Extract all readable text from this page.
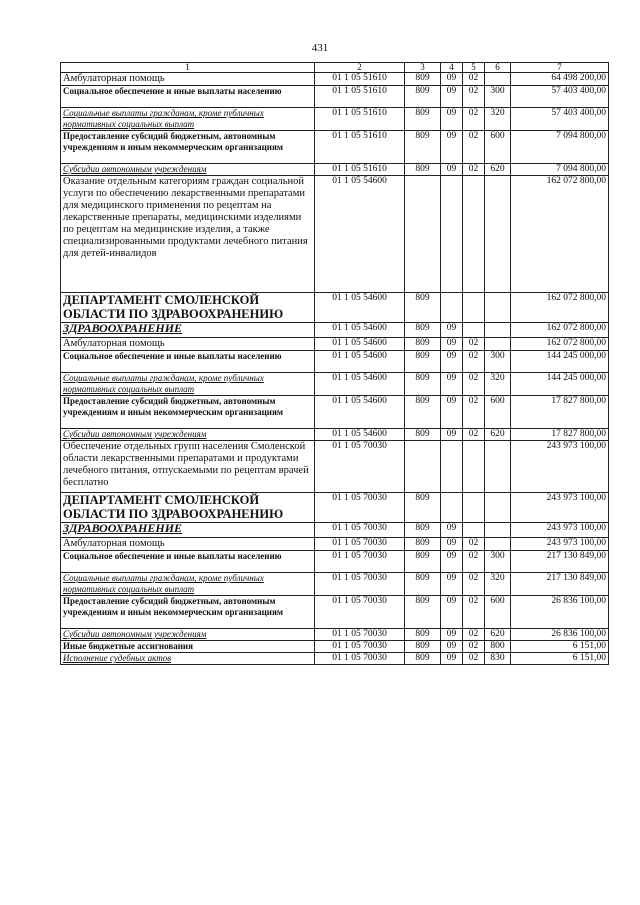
431
1	2	3	4	5	6	7
Амбулаторная помощь	01 1 05 51610	809	09	02		64 498 200,00
Социальное обеспечение и иные выплаты населению	01 1 05 51610	809	09	02	300	57 403 400,00
Социальные выплаты гражданам, кроме публичных нормативных социальных выплат	01 1 05 51610	809	09	02	320	57 403 400,00
Предоставление субсидий бюджетным, автономным учреждениям и иным некоммерческим организациям	01 1 05 51610	809	09	02	600	7 094 800,00
Субсидии автономным учреждениям	01 1 05 51610	809	09	02	620	7 094 800,00
Оказание отдельным категориям граждан социальной услуги по обеспечению лекарственными препаратами для медицинского применения по рецептам на лекарственные препараты, медицинскими изделиями по рецептам на медицинские изделия, а также специализированными продуктами лечебного питания для детей-инвалидов	01 1 05 54600					162 072 800,00
ДЕПАРТАМЕНТ СМОЛЕНСКОЙ ОБЛАСТИ ПО ЗДРАВООХРАНЕНИЮ	01 1 05 54600	809				162 072 800,00
ЗДРАВООХРАНЕНИЕ	01 1 05 54600	809	09			162 072 800,00
Амбулаторная помощь	01 1 05 54600	809	09	02		162 072 800,00
Социальное обеспечение и иные выплаты населению	01 1 05 54600	809	09	02	300	144 245 000,00
Социальные выплаты гражданам, кроме публичных нормативных социальных выплат	01 1 05 54600	809	09	02	320	144 245 000,00
Предоставление субсидий бюджетным, автономным учреждениям и иным некоммерческим организациям	01 1 05 54600	809	09	02	600	17 827 800,00
Субсидии автономным учреждениям	01 1 05 54600	809	09	02	620	17 827 800,00
Обеспечение отдельных групп населения Смоленской области лекарственными препаратами и продуктами лечебного питания, отпускаемыми по рецептам врачей бесплатно	01 1 05 70030					243 973 100,00
ДЕПАРТАМЕНТ СМОЛЕНСКОЙ ОБЛАСТИ ПО ЗДРАВООХРАНЕНИЮ	01 1 05 70030	809				243 973 100,00
ЗДРАВООХРАНЕНИЕ	01 1 05 70030	809	09			243 973 100,00
Амбулаторная помощь	01 1 05 70030	809	09	02		243 973 100,00
Социальное обеспечение и иные выплаты населению	01 1 05 70030	809	09	02	300	217 130 849,00
Социальные выплаты гражданам, кроме публичных нормативных социальных выплат	01 1 05 70030	809	09	02	320	217 130 849,00
Предоставление субсидий бюджетным, автономным учреждениям и иным некоммерческим организациям	01 1 05 70030	809	09	02	600	26 836 100,00
Субсидии автономным учреждениям	01 1 05 70030	809	09	02	620	26 836 100,00
Иные бюджетные ассигнования	01 1 05 70030	809	09	02	800	6 151,00
Исполнение судебных актов	01 1 05 70030	809	09	02	830	6 151,00
